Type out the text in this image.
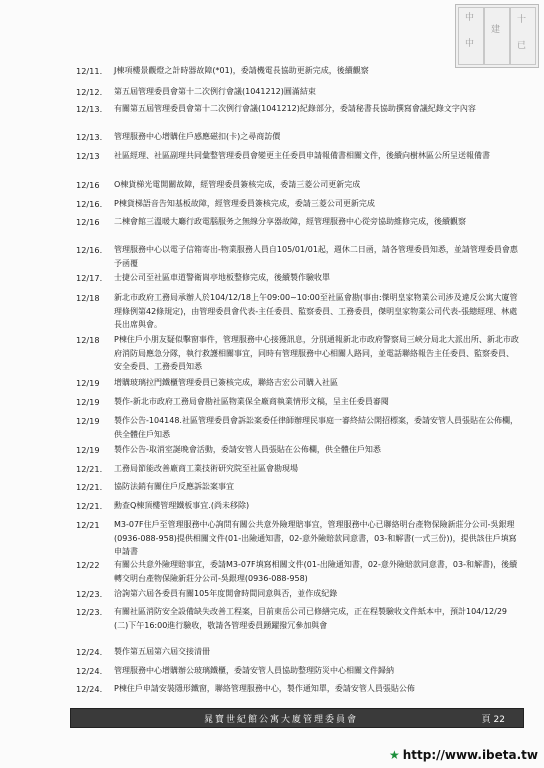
中
中
建
十
已
12/11. J棟項樓景觀燈之計時器故障(*01)，委請機電長協助更新完成，後續觀察
12/12. 第五屆管理委員會第十二次例行會議(1041212)圓滿結束
12/13. 有關第五屆管理委員會第十二次例行會議(1041212)紀錄部分，委請秘書長協助撰寫會議紀錄文字內容
12/13. 管理服務中心增購住戶感應磁扣(卡)之尋商訪價
12/13 社區經理、社區副理共同彙整管理委員會變更主任委員申請報備書相關文件，後續向樹林區公所呈送報備書
12/16 O棟貨梯光電開關故障，經管理委員簽核完成，委請三菱公司更新完成
12/16. P棟貨梯語音告知基板故障，經管理委員簽核完成，委請三菱公司更新完成
12/16 二棟會館三溫暖大廳行政電腦服务之無線分享器故障，經管理服務中心從旁協助維修完成，後續觀察
12/16. 管理服務中心以電子信箱寄出-物業服務人員自105/01/01起，週休二日函，請各管理委員知悉，並請管理委員會惠予函覆
12/17. 士捷公司至社區車道警衛崗亭地板整修完成，後續製作驗收單
12/18 新北市政府工務局承辦人於104/12/18上午09:00~10:00至社區會勘(事由:傑明皇家物業公司涉及違反公寓大廈管理條例第42條規定)，由管理委員會代表-主任委員、監察委員、工務委員，傑明皇家物業公司代表-張總經理、林處長出席與會。
12/18 P棟住戶小朋友疑似擊窗事件，管理服務中心接獲訊息，分別通報新北市政府警察局三峽分局北大派出所、新北市政府消防局應急分隊，執行救護相關事宜，同時有管理服務中心相關人路同，並電話聯絡報告主任委員、監察委員、安全委員、工務委員知悉
12/19 增購玻璃拉門鐵櫃管理委員已簽核完成，聯絡吉宏公司購入社區
12/19 製作-新北市政府工務局會勘社區物業保全廠商執業情形文稿，呈主任委員審閱
12/19 製作公告-104148.社區管理委員會訴訟案委任律師辦理民事庭一審終結公開招標案，委請安管人員張貼在公佈欄，供全體住戶知悉
12/19 製作公告-取消室誕晚會活動，委請安管人員張貼在公佈欄，供全體住戶知悉
12/21. 工務局節能改善廠商工業技術研究院至社區會勘現場
12/21. 協防法銷有關住戶反應訴訟案事宜
12/21. 勳查Q棟頂樓管理鐵板事宜.(尚未移除)
12/21 M3-07F住戶至管理服務中心詢問有關公共意外險理賠事宜，管理服務中心已聯絡明台產物保險新莊分公司-吳銀理(0936-088-958)提供相關文件(01-出險通知書，02-意外險賠款同意書，03-和解書(一式三份))，提供該住戶填寫申請書
12/22 有關公共意外險理賠事宜，委請M3-07F填寫相關文件(01-出險通知書，02-意外險賠款同意書，03-和解書)，後續轉交明台產物保險新莊分公司-吳銀理(0936-088-958)
12/23. 洽詢第六屆各委員有關105年度開會時間同意與否，並作成紀錄
12/23. 有關社區消防安全設備缺失改善工程案，目前東岳公司已修繕完成，正在程製驗收文件紙本中，預計104/12/29(二)下午16:00進行驗收，敬請各管理委員踴躍撥冗參加與會
12/24. 製作第五屆第六屆交接清冊
12/24. 管理服務中心增購辦公玻璃鐵櫃，委請安管人員協助整理防災中心相關文件歸納
12/24. P棟住戶申請安裝隱形鐵窗，聯絡管理服務中心，製作通知單，委請安管人員張貼公佈
晁寶世紀館公寓大廈管理委員會	頁 22
★ http://www.ibeta.tw
